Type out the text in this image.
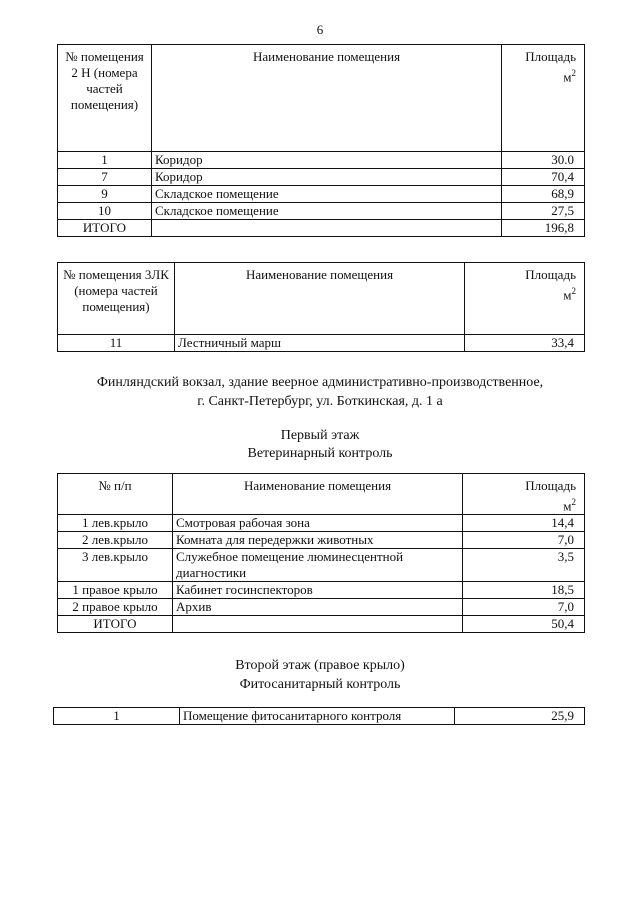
6
№ помещения 2 Н (номера частей помещения)	Наименование помещения	Площадь
$м^2$
1	Коридор	30.0
7	Коридор	70,4
9	Складское помещение	68,9
10	Складское помещение	27,5
ИТОГО		196,8
№ помещения 3ЛК (номера частей помещения)	Наименование помещения	Площадь
$м^2$
11	Лестничный марш	33,4
Финляндский вокзал, здание веерное административно-производственное,
г. Санкт-Петербург, ул. Боткинская, д. 1 а
Первый этаж
Ветеринарный контроль
№ п/п	Наименование помещения	Площадь
$м^2$
1 лев.крыло	Смотровая рабочая зона	14,4
2 лев.крыло	Комната для передержки животных	7,0
3 лев.крыло	Служебное помещение люминесцентной диагностики	3,5
1 правое крыло	Кабинет госинспекторов	18,5
2 правое крыло	Архив	7,0
ИТОГО		50,4
Второй этаж (правое крыло)
Фитосанитарный контроль
1	Помещение фитосанитарного контроля	25,9
